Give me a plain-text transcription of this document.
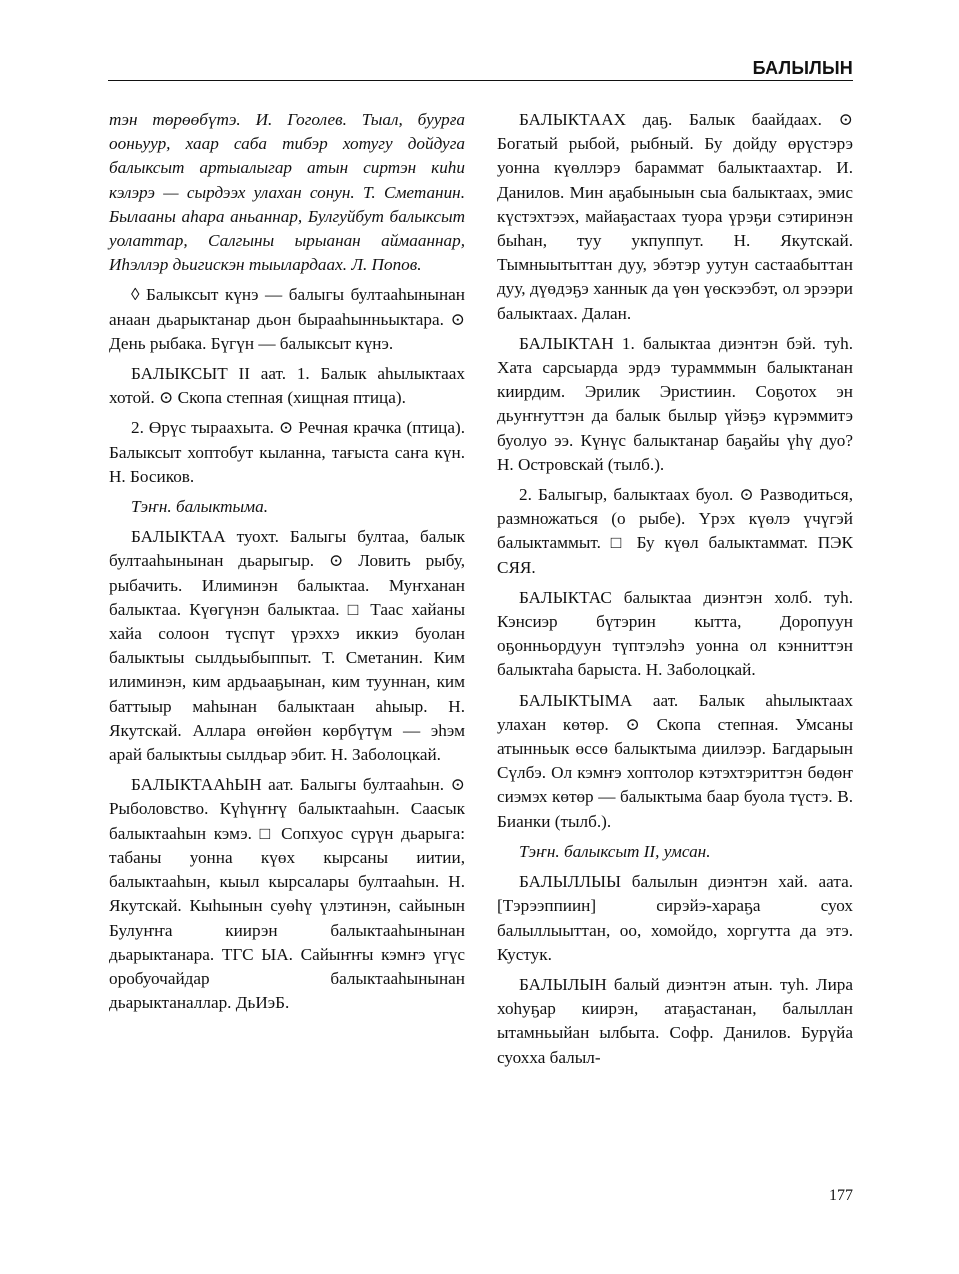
БАЛЫЛЫН

тэн төрөөбүтэ. И. Гоголев. Тыал, буурға ооньуур, хаар саба тибэр хотугу дойдуга балыксыт артыалыгар атын сиртэн киhи кэлэрэ — сырдээх улахан сонун. Т. Сметанин. Былааны аhара аньаннар, Булгуйбут балыксыт уолаттар, Салгыны ырыанан аймааннар, Иhэллэр дьигискэн тыылардаах. Л. Попов.

◊ Балыксыт күнэ — балыгы бултааhынынан анаан дьарыктанар дьон бырааhынньыктара. ⊙ День рыбака. Бүгүн — балыксыт күнэ.

БАЛЫКСЫТ II аат. 1. Балык аhылыктаах хотой. ⊙ Скопа степная (хищная птица).

2. Өрүс тыраахыта. ⊙ Речная крачка (птица). Балыксыт хоптобут кыланна, тағыста саҥа күн. Н. Босиков.

Тэҥн. балыктыма.

БАЛЫКТАА туохт. Балыгы бултаа, балык бултааhынынан дьарыгыр. ⊙ Ловить рыбу, рыбачить. Илиминэн балыктаа. Муҥханан балыктаа. Күөгүнэн балыктаа. □ Таас хайаны хайа солоон түспүт үрэххэ иккиэ буолан балыктыы сылдьыбыппыт. Т. Сметанин. Ким илиминэн, ким ардьааҕынан, ким тууннан, ким баттыыр маhынан балыктаан аhыыр. Н. Якутскай. Аллара өҥөйөн көрбүтүм — эһэм арай балыктыы сылдьар эбит. Н. Заболоцкай.

БАЛЫКТААhЫН аат. Балыгы бултааhын. ⊙ Рыболовство. Күhүҥҥү балыктааhын. Саасык балыктааhын кэмэ. □ Сопхуос сүрүн дьарыга: табаны уонна күөх кырсаны иитии, балыктааhын, кыыл кырсалары бултааhын. Н. Якутскай. Кыhынын суөhү үлэтинэн, сайынын Булуҥҥа киирэн балыктааhынынан дьарыктанара. ТГС ЫА. Сайыҥҥы кэмҥэ үгүс оробуочайдар балыктааhынынан дьарыктаналлар. ДьИэБ.

БАЛЫКТААХ даҕ. Балык баайдаах. ⊙ Богатый рыбой, рыбный. Бу дойду өрүстэрэ уонна күөллэрэ бараммат балыктаахтар. И. Данилов. Мин аҕабыныын сыа балыктаах, эмис күстэхтээх, майаҕастаах туора үрэҕи сэтиринэн быhан, туу укпуппут. Н. Якутскай. Тымныытыттан дуу, эбэтэр уутун састаабыттан дуу, дүөдэҕэ ханнык да үөн үөскээбэт, ол эрээри балыктаах. Далан.

БАЛЫКТАН 1. балыктаа диэнтэн бэй. туh. Хата сарсыарда эрдэ турамммын балыктанан киирдим. Эрилик Эристиин. Соҕотох эн дьуҥҥуттэн да балык былыр үйэҕэ күрэммитэ буолуо ээ. Күнүс балыктанар баҕайы үhү дуо? Н. Островскай (тылб.).

2. Балыгыр, балыктаах буол. ⊙ Разводиться, размножаться (о рыбе). Үрэх күөлэ үчүгэй балыктаммыт. □ Бу күөл балыктаммат. ПЭК СЯЯ.

БАЛЫКТАС балыктаа диэнтэн холб. туh. Кэнсиэр бүтэрин кытта, Доропуун оҕонньордуун түптэлэhэ уонна ол кэнниттэн балыктаhа барыста. Н. Заболоцкай.

БАЛЫКТЫМА аат. Балык аhылыктаах улахан көтөр. ⊙ Скопа степная. Умсаны атынньык өссө балыктыма диилээр. Багдарыын Сүлбэ. Ол кэмҥэ хоптолор кэтэхтэриттэн бөдөҥ сиэмэх көтөр — балыктыма баар буола түстэ. В. Бианки (тылб.).

Тэҥн. балыксыт II, умсан.

БАЛЫЛЛЫЫ балылын диэнтэн хай. аата. [Тэрээппиин] сирэйэ-хараҕа суох балыллыыттан, оо, хомойдо, хоргутта да этэ. Кустук.

БАЛЫЛЫН балый диэнтэн атын. туh. Лира хоhуҕар киирэн, атаҕастанан, балыллан ытамньыйан ылбыта. Софр. Данилов. Бурүйа суохха балыл-

177
